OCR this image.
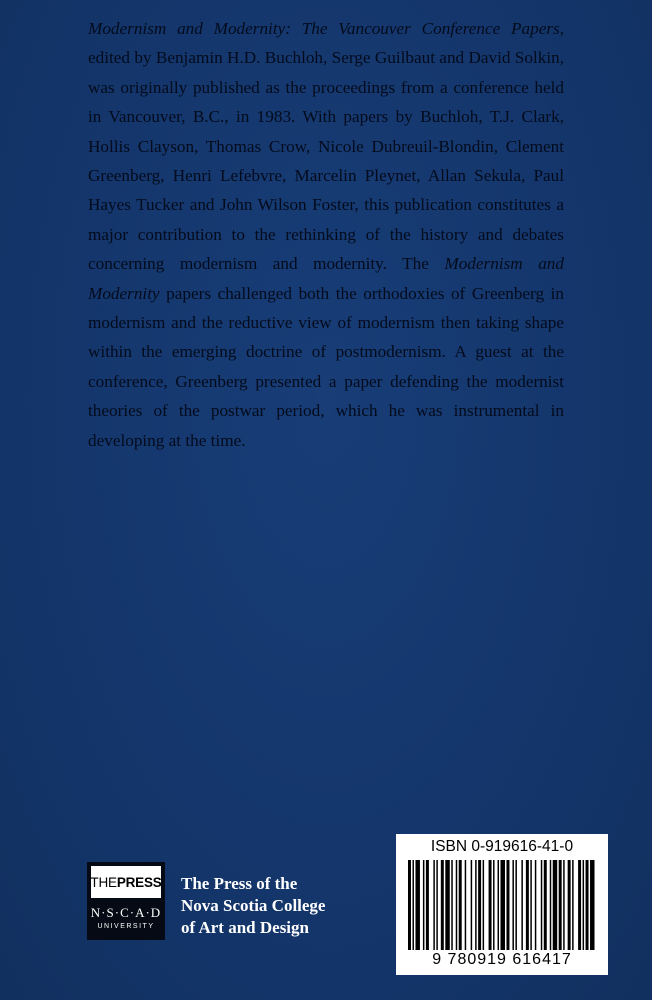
Modernism and Modernity: The Vancouver Conference Papers, edited by Benjamin H.D. Buchloh, Serge Guilbaut and David Solkin, was originally published as the proceedings from a conference held in Vancouver, B.C., in 1983. With papers by Buchloh, T.J. Clark, Hollis Clayson, Thomas Crow, Nicole Dubreuil-Blondin, Clement Greenberg, Henri Lefebvre, Marcelin Pleynet, Allan Sekula, Paul Hayes Tucker and John Wilson Foster, this publication constitutes a major contribution to the rethinking of the history and debates concerning modernism and modernity. The Modernism and Modernity papers challenged both the orthodoxies of Greenberg in modernism and the reductive view of modernism then taking shape within the emerging doctrine of postmodernism. A guest at the conference, Greenberg presented a paper defending the modernist theories of the postwar period, which he was instrumental in developing at the time.

THE PRESS
N·S·C·A·D
UNIVERSITY
The Press of the
Nova Scotia College
of Art and Design
ISBN 0-919616-41-0
9 780919 616417
